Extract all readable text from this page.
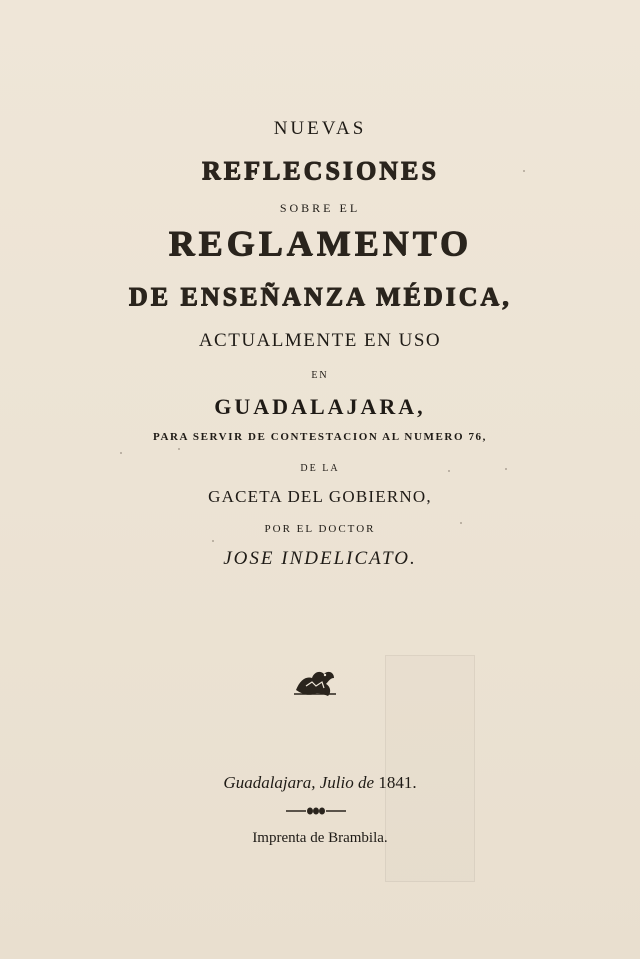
NUEVAS
REFLECSIONES
SOBRE EL
REGLAMENTO
DE ENSEÑANZA MÉDICA,
ACTUALMENTE EN USO
EN
GUADALAJARA,
PARA SERVIR DE CONTESTACION AL NUMERO 76,
DE LA
GACETA DEL GOBIERNO,
POR EL DOCTOR
JOSE INDELICATO.
Guadalajara, Julio de 1841.
Imprenta de Brambila.
